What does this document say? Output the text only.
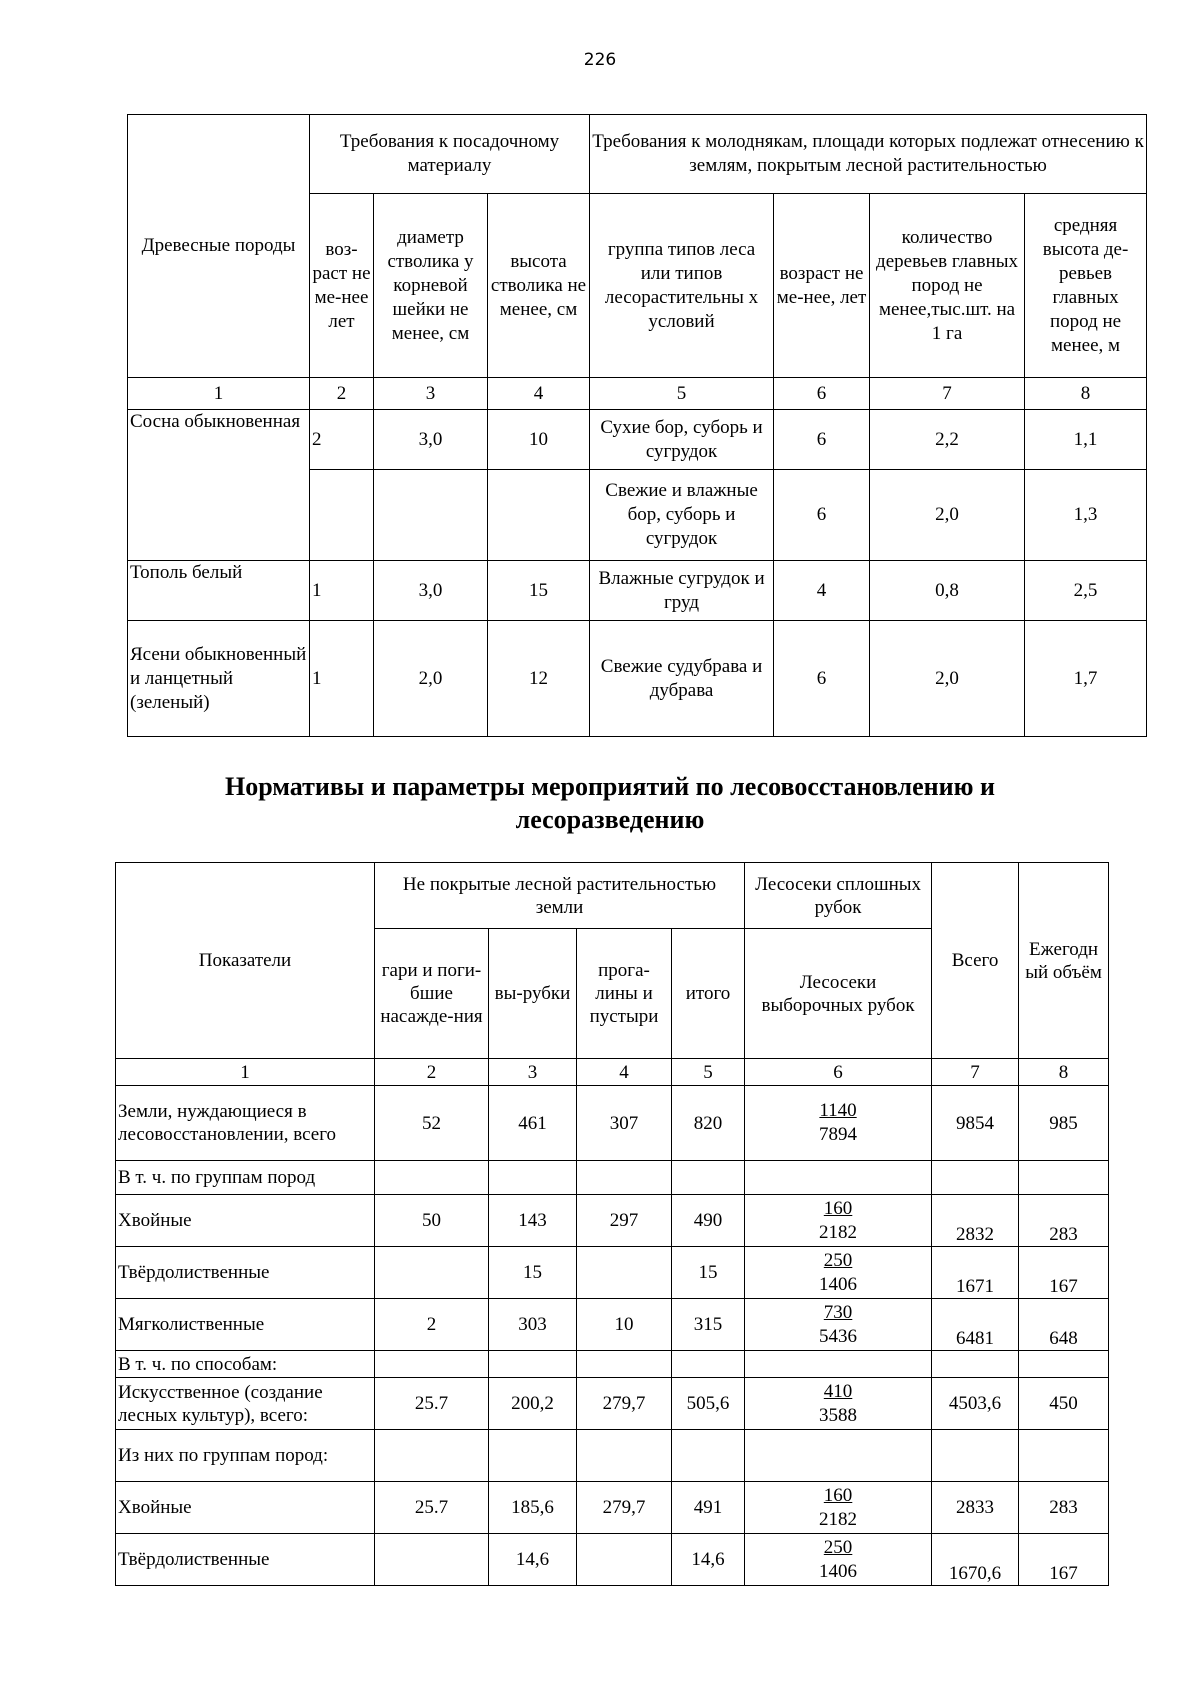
226
Древесные породы	Требования к посадочному материалу			Требования к молоднякам, площади которых подлежат отнесению к землям, покрытым лесной растительностью			
	воз-раст не ме-нее лет	диаметр стволика у корневой шейки не менее, см	высота стволика не менее, см	группа типов леса или типов лесорастительны х условий	возраст не ме-нее, лет	количество деревьев главных пород не менее,тыс.шт. на 1 га	средняя высота де-ревьев главных пород не менее, м
1	2	3	4	5	6	7	8
Сосна обыкновенная	2	3,0	10	Сухие бор, суборь и сугрудок	6	2,2	1,1
				Свежие и влажные бор, суборь и сугрудок	6	2,0	1,3
Тополь белый	1	3,0	15	Влажные сугрудок и груд	4	0,8	2,5
Ясени обыкновенный и ланцетный (зеленый)	1	2,0	12	Свежие судубрава и дубрава	6	2,0	1,7
Нормативы и параметры мероприятий по лесовосстановлению и лесоразведению
Показатели	Не покрытые лесной растительностью земли				Лесосеки сплошных рубок	Всего	Ежегодн ый объём
	гари и поги-бшие насажде-ния	вы-рубки	прога-лины и пустыри	итого	Лесосеки выборочных рубок		
1	2	3	4	5	6	7	8
Земли, нуждающиеся в лесовосстановлении, всего	52	461	307	820	$\frac{1140}{7894}$	9854	985
В т. ч. по группам пород							
Хвойные	50	143	297	490	$\frac{160}{2182}$	2832	283
Твёрдолиственные		15		15	$\frac{250}{1406}$	1671	167
Мягколиственные	2	303	10	315	$\frac{730}{5436}$	6481	648
В т. ч. по способам:							
Искусственное (создание лесных культур), всего:	25.7	200,2	279,7	505,6	$\frac{410}{3588}$	4503,6	450
Из них по группам пород:							
Хвойные	25.7	185,6	279,7	491	$\frac{160}{2182}$	2833	283
Твёрдолиственные		14,6		14,6	$\frac{250}{1406}$	1670,6	167
